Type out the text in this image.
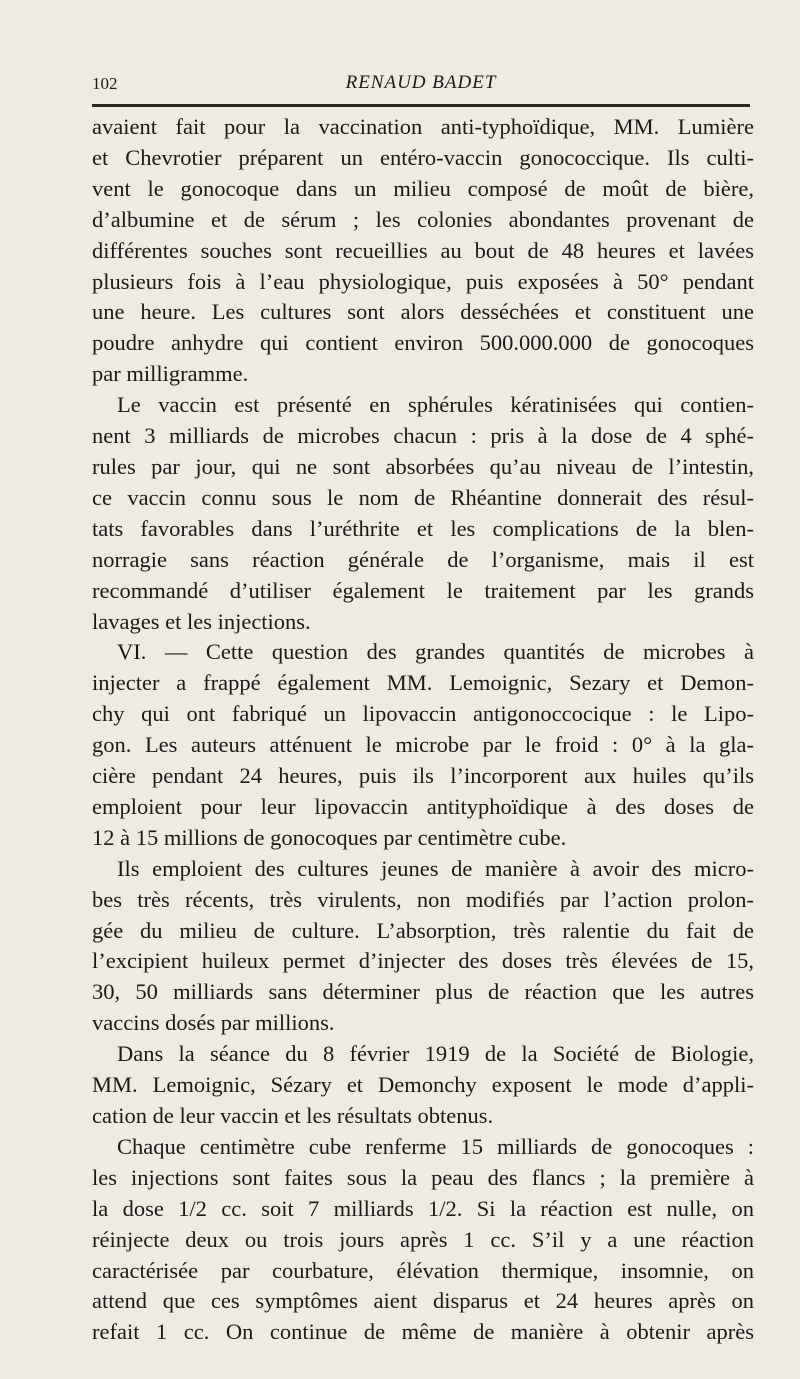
102	RENAUD BADET
avaient fait pour la vaccination anti-typhoïdique, MM. Lumière
et Chevrotier préparent un entéro-vaccin gonococcique. Ils culti-
vent le gonocoque dans un milieu composé de moût de bière,
d’albumine et de sérum ; les colonies abondantes provenant de
différentes souches sont recueillies au bout de 48 heures et lavées
plusieurs fois à l’eau physiologique, puis exposées à 50° pendant
une heure. Les cultures sont alors desséchées et constituent une
poudre anhydre qui contient environ 500.000.000 de gonocoques
par milligramme.
Le vaccin est présenté en sphérules kératinisées qui contien-
nent 3 milliards de microbes chacun : pris à la dose de 4 sphé-
rules par jour, qui ne sont absorbées qu’au niveau de l’intestin,
ce vaccin connu sous le nom de Rhéantine donnerait des résul-
tats favorables dans l’uréthrite et les complications de la blen-
norragie sans réaction générale de l’organisme, mais il est
recommandé d’utiliser également le traitement par les grands
lavages et les injections.
VI. — Cette question des grandes quantités de microbes à
injecter a frappé également MM. Lemoignic, Sezary et Demon-
chy qui ont fabriqué un lipovaccin antigonoccocique : le Lipo-
gon. Les auteurs atténuent le microbe par le froid : 0° à la gla-
cière pendant 24 heures, puis ils l’incorporent aux huiles qu’ils
emploient pour leur lipovaccin antityphoïdique à des doses de
12 à 15 millions de gonocoques par centimètre cube.
Ils emploient des cultures jeunes de manière à avoir des micro-
bes très récents, très virulents, non modifiés par l’action prolon-
gée du milieu de culture. L’absorption, très ralentie du fait de
l’excipient huileux permet d’injecter des doses très élevées de 15,
30, 50 milliards sans déterminer plus de réaction que les autres
vaccins dosés par millions.
Dans la séance du 8 février 1919 de la Société de Biologie,
MM. Lemoignic, Sézary et Demonchy exposent le mode d’appli-
cation de leur vaccin et les résultats obtenus.
Chaque centimètre cube renferme 15 milliards de gonocoques :
les injections sont faites sous la peau des flancs ; la première à
la dose 1/2 cc. soit 7 milliards 1/2. Si la réaction est nulle, on
réinjecte deux ou trois jours après 1 cc. S’il y a une réaction
caractérisée par courbature, élévation thermique, insomnie, on
attend que ces symptômes aient disparus et 24 heures après on
refait 1 cc. On continue de même de manière à obtenir après
